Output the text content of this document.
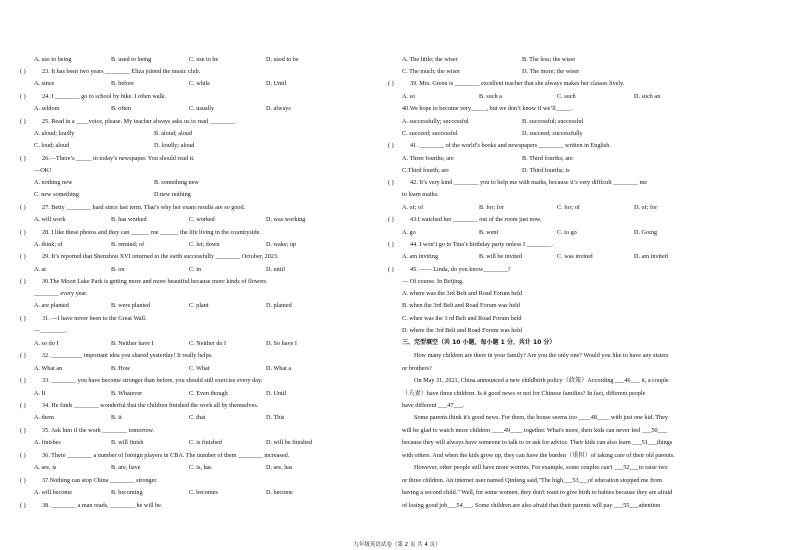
A. use to being	B. used to being	C. use to be	D. used to be
( )	23. It has been two years ________ Eliza joined the music club.
A. since	B. before	C. while	D. Until
( )	24. I ________ go to school by bike. I often walk.
A. seldom	B. often	C. usually	D. always
( )	25. Read in a ____voice, please. My teacher always asks us to read ________.
A. aloud; loudly	B. aloud; aloud
C. loud; aloud	D. loudly; aloud
( )	26.—There’s _____ in today’s newspaper. You should read it.
—OK!
A. nothing new	B. something new
C. new something	D.new nothing
( )	27. Betty ________ hard since last term. That’s why her exam results are so good.
A. will work	B. has worked	C. worked	D. was working
( )	28. I like these photos and they can ______ me ______ the life living in the countryside.
A. think; of	B. remind; of	C. let; down	D. wake; up
( )	29. It’s reported that Shenzhou XVI returned to the earth successfully ________ October, 2023.
A. at	B. on	C. in	D. until
( )	30.The Moon Lake Park is getting more and more beautiful because more kinds of flowers
________ every year.
A. are planted	B. were planted	C. plant	D. planted
( )	31. —I have never been to the Great Wall.
—________.
A. so do I	B. Neither have I	C. Neither do I	D. So have I
( )	32. __________ important idea you shared yesterday! It really helps.
A. What an	B. How	C. What	D. What a
( )	33. ________ you have become stronger than before, you should still exercise every day.
A. If	B. Whatever	C. Even though	D. Until
( )	34. He finds ________ wonderful that the children finished the work all by themselves.
A. them	B. it	C. that	D. This
( )	35. Ask him if the work ________ tomorrow.
A. finishes	B. will finish	C. is finished	D. will be finished
( )	36. There ________ a number of foreign players in CBA. The number of them ________ increased.
A. are, is	B. are, have	C. is, has	D. are, has
( )	37.Nothing can stop China ________ stronger.
A. will become	B. becoming	C. becomes	D. become
( )	38. ________ a man reads, ________ he will be.
A. The little; the wiser	B. The less; the wiser
C. The much; the wiser	D. The more; the wiser
( )	39. Mrs. Green is ________ excellent teacher that she always makes her classes lively.
A. so	B. such a	C. such	D. such an
40.We hope to become very_____, but we don’t know if we’ll_____.
A. successfully; successful	B. successful; successful
C. succeed; successful	D. succeed; successfully
( )	41. ________ of the world’s books and newspapers ________ written in English.
A. Three fourths; are	B. Third fourths; are
C.Third fourth; are	D. Third fourths; is
( )	42. It’s very kind ________ you to help me with maths, because it’s very difficult ________ me
to learn maths.
A. of; of	B. for; for	C. for; of	D. of; for
( )	43.I watched her ________ out of the room just now.
A. go	B. went	C. to go	D. Going
( )	44. I won’t go to Tina’s birthday party unless I ________.
A. am inviting	B. will be invited	C. was invited	D. am invited
( )	45. —— Linda, do you know________?
— Of course. In Beijing.
A. where was the 3rd Belt and Road Forum held
B. when the 3rd Belt and Road Forum was held
C. when was the 3 rd Belt and Road Forum held
D. where the 3rd Belt and Road Forum was held
三、完型填空（共 10 小题，每小题 1 分，共计 10 分）
How many children are there in your family? Are you the only one? Would you like to have any sisters
or brothers?
On May 31, 2021, China announced a new childbirth policy（政策）According ___46___ it, a couple
（夫妻）have three children. Is it good news or not for Chinese families? In fact, different people
have different ___47___.
Some parents think it's good news. For them, the house seems too ____48____ with just one kid. They
will be glad to watch more children ____49____ together. What's more, their kids can never feel ___50___
because they will always have someone to talk to or ask for advice. Their kids can also learn ___51___things
with others. And when the kids grow up, they can have the burden（重担）of taking care of their old parents.
However, other people still have more worries. For example, some couples can't ___52___to raise two
or three children. An internet user named Qinfeng said,"The high___53___of education stopped me from
having a second child." Well, for some women, they don't want to give birth to babies because they are afraid
of losing good job___54___. Some children are also afraid that their parents will pay ___55___attention
九年级英语试卷（第 2 页 共 4 页）
